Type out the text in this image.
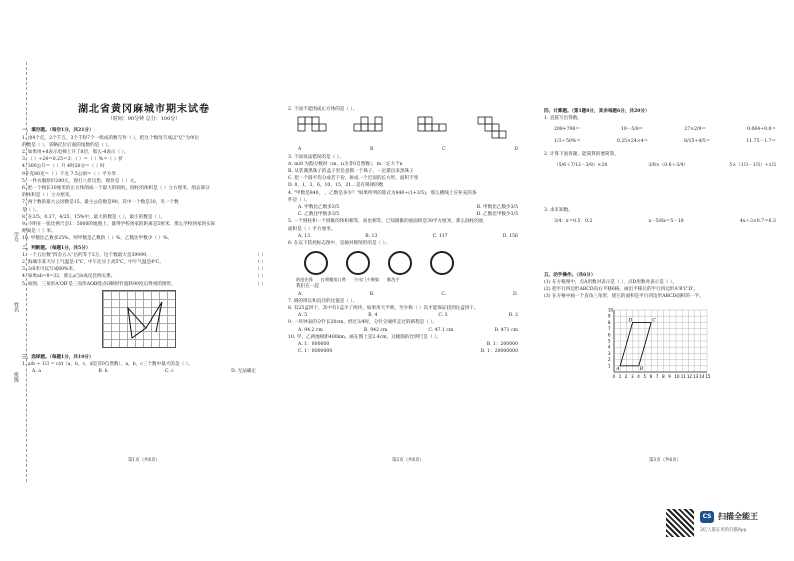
学号
姓名
班级
湖北省黄冈麻城市期末试卷
（时间：90分钟 总分：100分）
一、填空题。（每空1分，共21分）
1. 由4个亿，2个千万，3个千和7个一组成的数写作（ ），把这个数改写成以"亿"为单位
的数是（ ），省略亿位后面的尾数约是（ ）。
2. 如果用+8表示电梯上升了8层，那么-4表示（ ）。
3. （ ）÷24＝0.25＝3：（ ）＝（ ）%＝（ ）折
4. 300公升＝（ ）升 4时20分＝（ ）时
9千克80克＝（ ）千克 7.5公顷＝（ ）平方米
5. 一件衣服原价200元，现打八折出售，现价是（ ）元。
6. 把一个棱长10厘米的正方体削成一个最大的圆柱，圆柱的体积是（ ）立方厘米，削去部分
的体积是（ ）立方厘米。
7. 两个数的最大公因数是15，最小公倍数是90，其中一个数是30，另一个数
是（ ）。
8. 在3/5，0.17，4/25，15%中，最大的数是（ ），最小的数是（ ）。
9. 小明在一张比例尺是1：5000的地图上，量得学校到家的距离是5厘米，那么学校到家的实际
距离是（ ）米。
10. 甲数比乙数多25%，则甲数是乙数的（ ）%，乙数比甲数少（ ）%。
二、判断题。（每题1分，共5分）
1. 一个五位数"四舍五入"后约等于3万，这个数最大是39999。	（ ）
2. 海城市某天早上气温是-1℃，中午比早上高5℃，中午气温是4℃。	（ ）
3. 3/8米可以写成60%米。	（ ）
4. 如果ab=8=32，那么a与b成反比例关系。	（ ）
5. 如图，三角形A'OB'是三角形AOB绕点O顺时针旋转90度后得到的图形。	（ ）
三、选择题。（每题1分，共10分）
1. a/b ÷ 1/3 = c/d（a，b，c，d是非0自然数），a，b，c三个数中最大的是（ ）。
A. a	B. b	C. c	D. 无法确定
第1页（共6页）
2. 下面不能围成正方体的是（ ）。
A	B	C	D
3. 下面说法错误的是（ ）。
A. m/8 为假分数时（m，n为非0自然数），m一定大于n
B. 从装满黑珠子的盒子里任意摸一个珠子，一定摸出来黑珠子
C. 把一个圆平均分成若干份，拼成一个近似的长方形，面积不变
D. 0，1，3，6，10，15，21…是有规律的数
4. "甲数是840， ，乙数是多少？"如果所列的算式为840÷(1+3/5)，那么横线上应补充的条
件是（ ）。
A. 甲数比乙数多3/5	B. 甲数比乙数少3/5
C. 乙数比甲数多3/5	D. 乙数比甲数少3/5
5. 一个圆柱和一个圆锥的体积相等，高也相等，已知圆锥的底面积是39平方厘米，那么圆柱的底
面积是（ ）平方厘米。
A. 13	B. 13	C. 117	D. 156
6. 在以下防控标志图中，是轴对称图形的是（ ）。
防疫先锋 打喷嚏捂口鼻 少出门少聚集 勤洗手
我们在一起
A.	B.	C.	D.
7. 圆的周长和直径的比值是（ ）。
8. 有25盒饼干，其中有1盒少了两块，如果用天平称，至少称（ ）次才能保证找到这盒饼干。
A. 5	B. 4	C. 3	D. 2
9. 一块钟表的分针长20cm，经过3/4时，分针尖端所走过的路程是（ ）。
A. 94.2 cm	B. 942 cm	C. 47.1 cm	D. 471 cm
10. 甲、乙两地相距480km，画在图上是2.4cm，这幅图的比例尺是（ ）。
A. 1：800000	B. 1：200000
C. 1：8000000	D. 1：20000000
第2页（共6页）
四、计算题。（第1题8分，其余每题6分，共20分）
1. 直接写出得数。
208+798＝	10－5/8＝	27×2/9＝	0.064÷0.8＝
1/3＋50%＝	0.25×24×4＝	8/15÷4/5＝	11.75－1.7＝
2. 计算下面各题，能简算的要简算。
（5/6＋7/12－3/8）×24	3/8×（0.6＋3/4）	5×（1/3－1/5）÷1/2
3. 求未知数。
3/4：x＝0.5：0.2	x－5/6x＝5－18	4x＋3×0.7＝6.3
五、动手操作。（共6分）
(1) 在方格图中，点A用数对表示是（ ），点D用数对表示是（ ）。
(2) 把平行四边形ABCD向右平移6格，画出平移后的平行四边形A'B'C'D'。
(3) 在方格中画一个直角三角形，使它的面积是平行四边形ABCD面积的一半。
0 1 2 3 4 5 6 7 8 9 10 11 12 13 14 15
1
2
3
4
5
6
7
8
9
10
A	B
C
D
第3页（共6页）
CS 扫描全能王
3亿人都在用的扫描App
